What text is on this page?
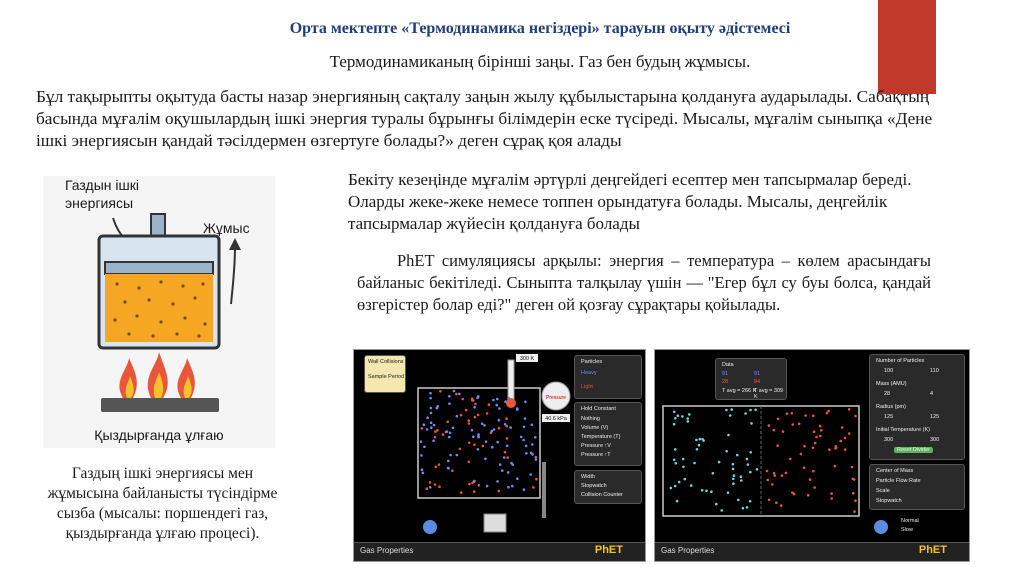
Орта мектепте «Термодинамика негіздері» тарауын оқыту әдістемесі
Термодинамиканың бірінші заңы. Газ бен будың жұмысы.
Бұл тақырыпты оқытуда басты назар энергияның сақталу заңын жылу құбылыстарына қолдануға аударылады. Сабақтың басында мұғалім оқушылардың ішкі энергия туралы бұрынғы білімдерін еске түсіреді. Мысалы, мұғалім сыныпқа «Дене ішкі энергиясын қандай тәсілдермен өзгертуге болады?» деген сұрақ қоя алады
Бекіту кезеңінде мұғалім әртүрлі деңгейдегі есептер мен тапсырмалар береді. Оларды жеке-жеке немесе топпен орындатуға болады. Мысалы, деңгейлік тапсырмалар жүйесін қолдануға болады
PhET симуляциясы арқылы: энергия – температура – көлем арасындағы байланыс бекітіледі. Сыныпта талқылау үшін — "Егер бұл су буы болса, қандай өзгерістер болар еді?" деген ой қозғау сұрақтары қойылады.
Газдын ішкі
энергиясы
Жұмыс
Қыздырғанда ұлғаю
Газдың ішкі энергиясы мен жұмысына байланысты түсіндірме сызба (мысалы: поршендегі газ, қыздырғанда ұлғаю процесі).
Wall Collisions
Sample Period
Pressure
40.6 kPa
300 K	Particles
Heavy
Light
Hold Constant
Nothing
Volume (V)
Temperature (T)
Pressure ↑V
Pressure ↑T
Width
Stopwatch
Collision Counter
Gas Properties	PhET
Data
91	91
28	84
T avg = 266 K
T avg = 309 K
Number of Particles
100	110
Mass (AMU)
28	4
Radius (pm)
125	125
Initial Temperature (K)
300	300
Reset Divider
Center of Mass
Particle Flow Rate
Scale
Stopwatch
Normal
Slow
Gas Properties	PhET
